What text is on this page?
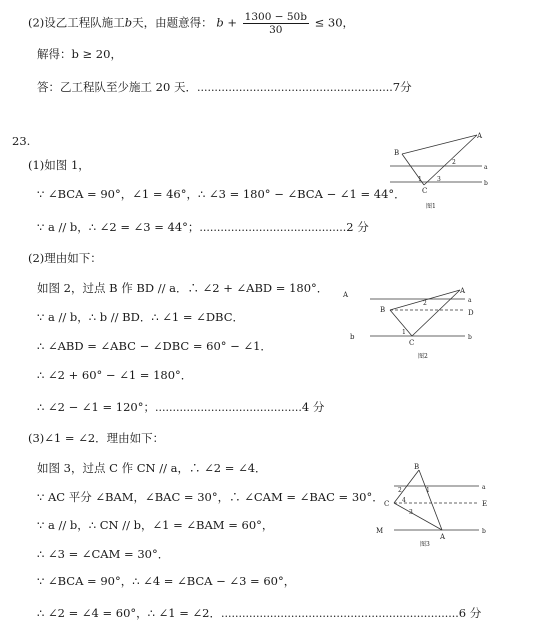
(2)设乙工程队施工b天，由题意得： $b + \frac{1300 - 50b}{30} \le 30$，
解得：b ≥ 20，
答：乙工程队至少施工 20 天．........................................................7分
23.
(1)如图 1，
∵ ∠BCA = 90°，∠1 = 46°，∴ ∠3 = 180° − ∠BCA − ∠1 = 44°．
∵ a // b，∴ ∠2 = ∠3 = 44°；..........................................2 分
(2)理由如下：
如图 2，过点 B 作 BD // a．∴ ∠2 + ∠ABD = 180°．
∵ a // b，∴ b // BD．∴ ∠1 = ∠DBC．
∴ ∠ABD = ∠ABC − ∠DBC = 60° − ∠1．
∴ ∠2 + 60° − ∠1 = 180°．
∴ ∠2 − ∠1 = 120°；..........................................4 分
(3)∠1 = ∠2．理由如下：
如图 3，过点 C 作 CN // a，∴ ∠2 = ∠4．
∵ AC 平分 ∠BAM，∠BAC = 30°，∴ ∠CAM = ∠BAC = 30°．
∵ a // b，∴ CN // b，∠1 = ∠BAM = 60°，
∴ ∠3 = ∠CAM = 30°．
∵ ∠BCA = 90°，∴ ∠4 = ∠BCA − ∠3 = 60°，
∴ ∠2 = ∠4 = 60°，∴ ∠1 = ∠2．....................................................................6 分
A
B
C
a
b
1
2
3
图1
A
b
A
B
C
D
a
b
1
2
图2
B
C
A
M
E
a
b
1
2
3
4
图3
